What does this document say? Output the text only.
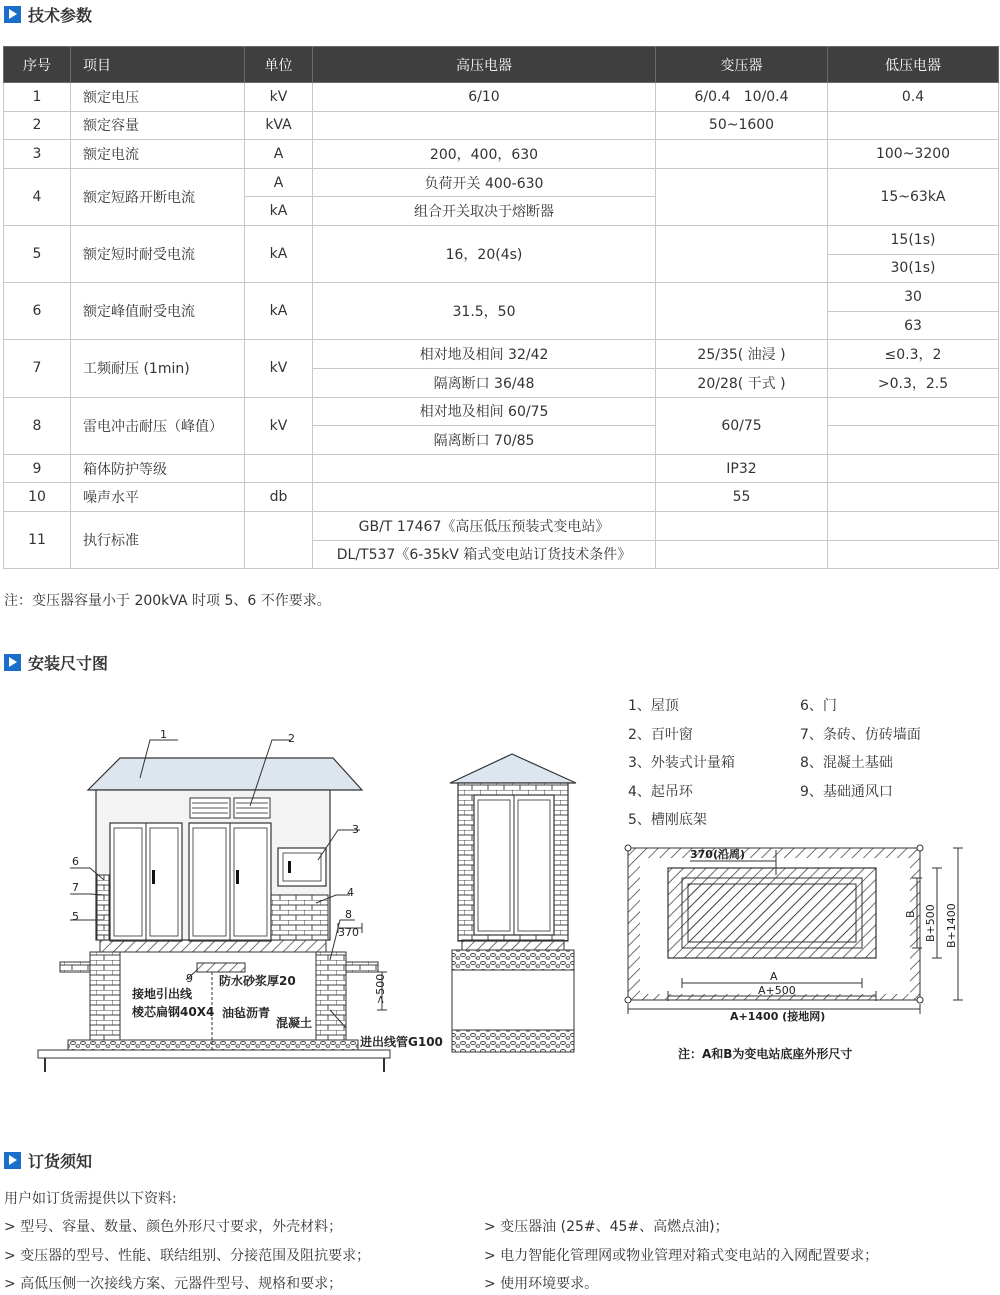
技术参数
序号	项目	单位	高压电器	变压器	低压电器
1	额定电压	kV	6/10	6/0.4   10/0.4	0.4
2	额定容量	kVA		50~1600	
3	额定电流	A	200，400，630		100~3200
4	额定短路开断电流	A	负荷开关 400-630		15~63kA
		kA	组合开关取决于熔断器		
5	额定短时耐受电流	kA	16，20(4s)		15(1s)
					30(1s)
6	额定峰值耐受电流	kA	31.5，50		30
					63
7	工频耐压 (1min)	kV	相对地及相间 32/42	25/35( 油浸 )	≤0.3，2
			隔离断口 36/48	20/28( 干式 )	>0.3，2.5
8	雷电冲击耐压（峰值）	kV	相对地及相间 60/75	60/75	
			隔离断口 70/85		
9	箱体防护等级			IP32	
10	噪声水平	db		55	
11	执行标准		GB/T 17467《高压低压预装式变电站》		
			DL/T537《6-35kV 箱式变电站订货技术条件》		
注：变压器容量小于 200kVA 时项 5、6 不作要求。
安装尺寸图
1	2
3
4
5
6
7
8
9
370
>500
防水砂浆厚20
接地引出线
棱芯扁钢40X4 油毡沥青
混凝土
进出线管G100
370(沿周)
A
A+500
A+1400 (接地网)
B B+500 B+1400
注：A和B为变电站底座外形尺寸
1、屋顶
2、百叶窗
3、外装式计量箱
4、起吊环
5、槽刚底架
6、门
7、条砖、仿砖墙面
8、混凝土基础
9、基础通风口
订货须知
用户如订货需提供以下资料:
> 型号、容量、数量、颜色外形尺寸要求，外壳材料；
> 变压器的型号、性能、联结组别、分接范围及阻抗要求；
> 高低压侧一次接线方案、元器件型号、规格和要求；
> 变压器油 (25#、45#、高燃点油)；
> 电力智能化管理网或物业管理对箱式变电站的入网配置要求；
> 使用环境要求。
